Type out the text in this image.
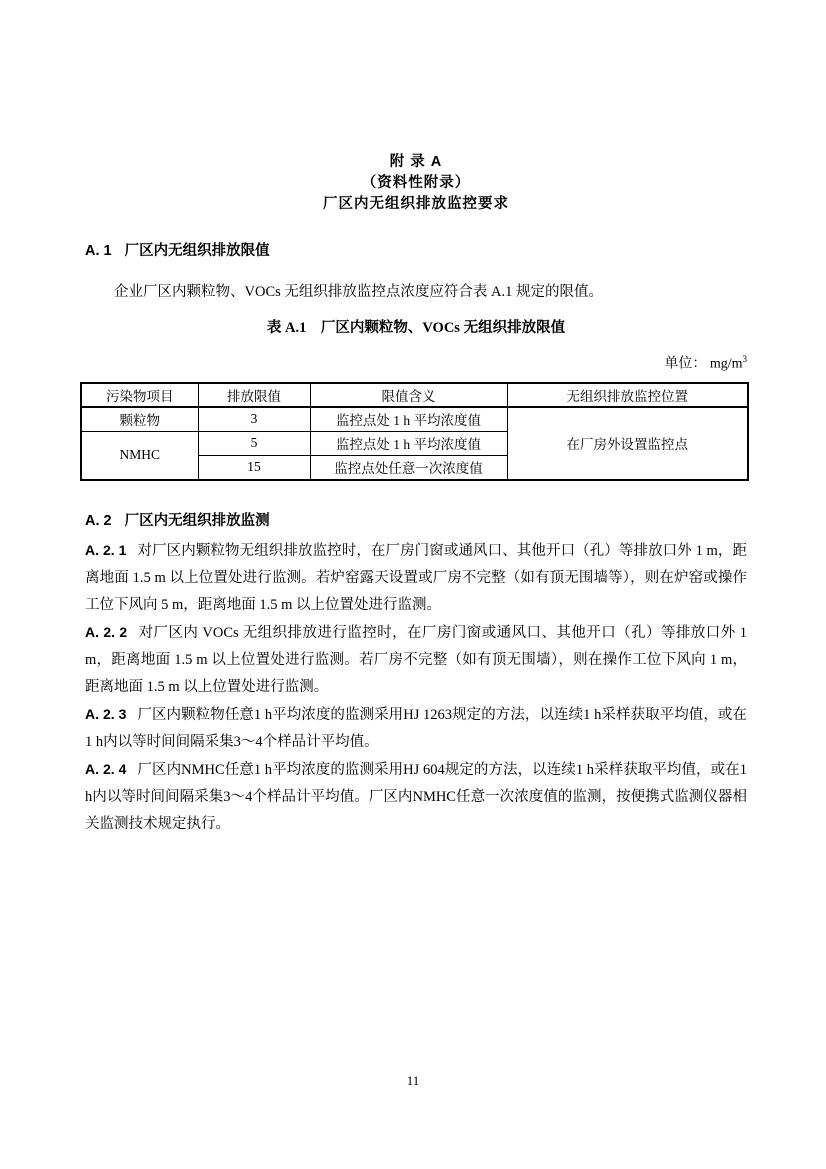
附 录 A
（资料性附录）
厂区内无组织排放监控要求
A. 1 厂区内无组织排放限值

企业厂区内颗粒物、VOCs 无组织排放监控点浓度应符合表 A.1 规定的限值。

表 A.1　厂区内颗粒物、VOCs 无组织排放限值
单位： $mg/m^3$
污染物项目	排放限值	限值含义	无组织排放监控位置
颗粒物	3	监控点处 1 h 平均浓度值	在厂房外设置监控点
NMHC	5	监控点处 1 h 平均浓度值	
	15	监控点处任意一次浓度值	
A. 2 厂区内无组织排放监测

A. 2. 1 对厂区内颗粒物无组织排放监控时，在厂房门窗或通风口、其他开口（孔）等排放口外 1 m，距离地面 1.5 m 以上位置处进行监测。若炉窑露天设置或厂房不完整（如有顶无围墙等），则在炉窑或操作工位下风向 5 m，距离地面 1.5 m 以上位置处进行监测。

A. 2. 2 对厂区内 VOCs 无组织排放进行监控时，在厂房门窗或通风口、其他开口（孔）等排放口外 1 m，距离地面 1.5 m 以上位置处进行监测。若厂房不完整（如有顶无围墙），则在操作工位下风向 1 m，距离地面 1.5 m 以上位置处进行监测。

A. 2. 3 厂区内颗粒物任意1 h平均浓度的监测采用HJ 1263规定的方法，以连续1 h采样获取平均值，或在1 h内以等时间间隔采集3～4个样品计平均值。

A. 2. 4 厂区内NMHC任意1 h平均浓度的监测采用HJ 604规定的方法，以连续1 h采样获取平均值，或在1 h内以等时间间隔采集3～4个样品计平均值。厂区内NMHC任意一次浓度值的监测，按便携式监测仪器相关监测技术规定执行。

11
